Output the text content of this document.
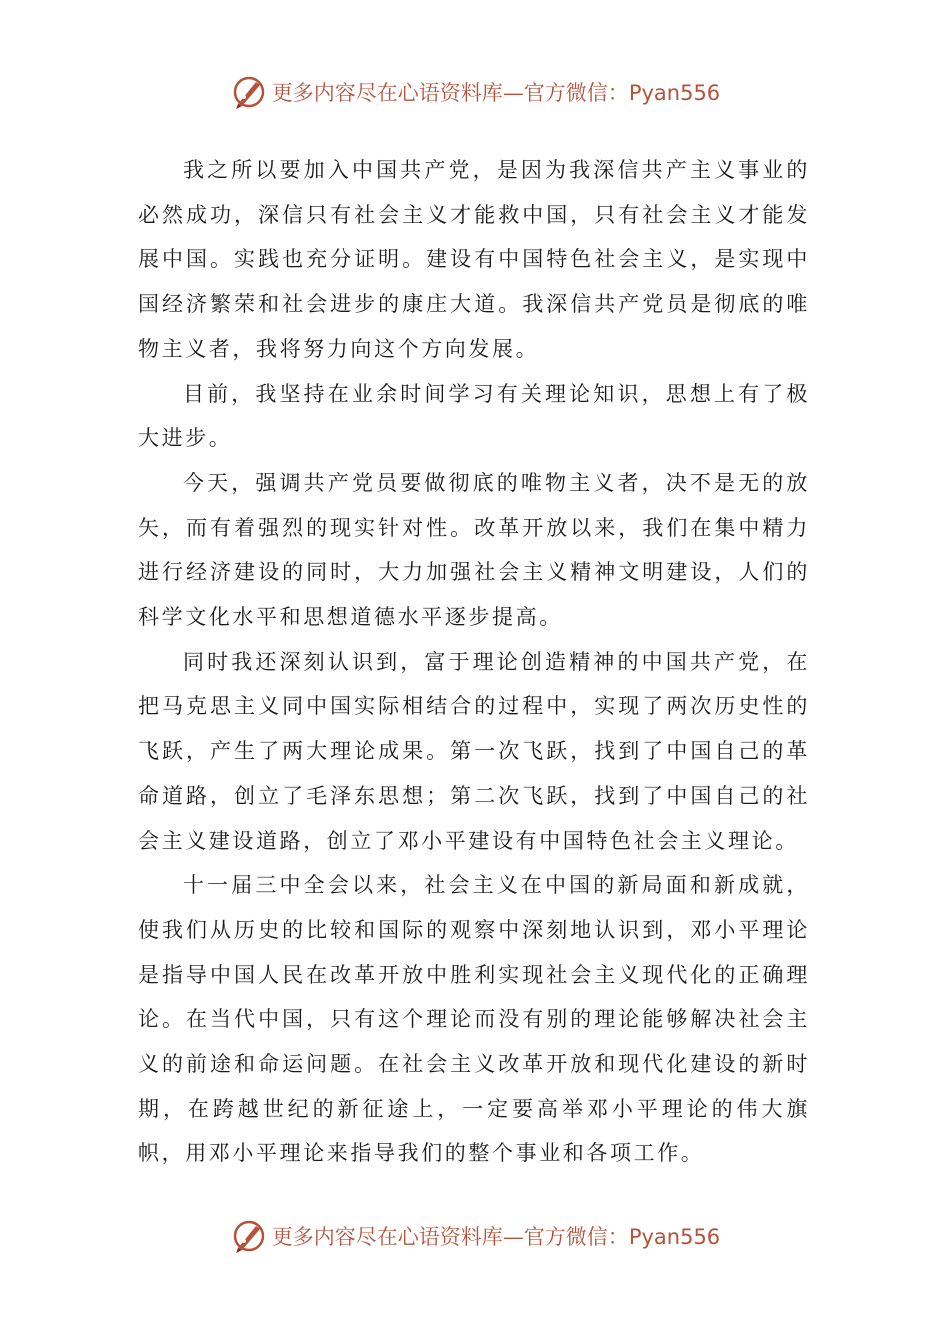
更多内容尽在心语资料库—官方微信：Pyan556

我之所以要加入中国共产党，是因为我深信共产主义事业的必然成功，深信只有社会主义才能救中国，只有社会主义才能发展中国。实践也充分证明。建设有中国特色社会主义，是实现中国经济繁荣和社会进步的康庄大道。我深信共产党员是彻底的唯物主义者，我将努力向这个方向发展。

目前，我坚持在业余时间学习有关理论知识，思想上有了极大进步。

今天，强调共产党员要做彻底的唯物主义者，决不是无的放矢，而有着强烈的现实针对性。改革开放以来，我们在集中精力进行经济建设的同时，大力加强社会主义精神文明建设，人们的科学文化水平和思想道德水平逐步提高。

同时我还深刻认识到，富于理论创造精神的中国共产党，在把马克思主义同中国实际相结合的过程中，实现了两次历史性的飞跃，产生了两大理论成果。第一次飞跃，找到了中国自己的革命道路，创立了毛泽东思想；第二次飞跃，找到了中国自己的社会主义建设道路，创立了邓小平建设有中国特色社会主义理论。

十一届三中全会以来，社会主义在中国的新局面和新成就，使我们从历史的比较和国际的观察中深刻地认识到，邓小平理论是指导中国人民在改革开放中胜利实现社会主义现代化的正确理论。在当代中国，只有这个理论而没有别的理论能够解决社会主义的前途和命运问题。在社会主义改革开放和现代化建设的新时期，在跨越世纪的新征途上，一定要高举邓小平理论的伟大旗帜，用邓小平理论来指导我们的整个事业和各项工作。

更多内容尽在心语资料库—官方微信：Pyan556
